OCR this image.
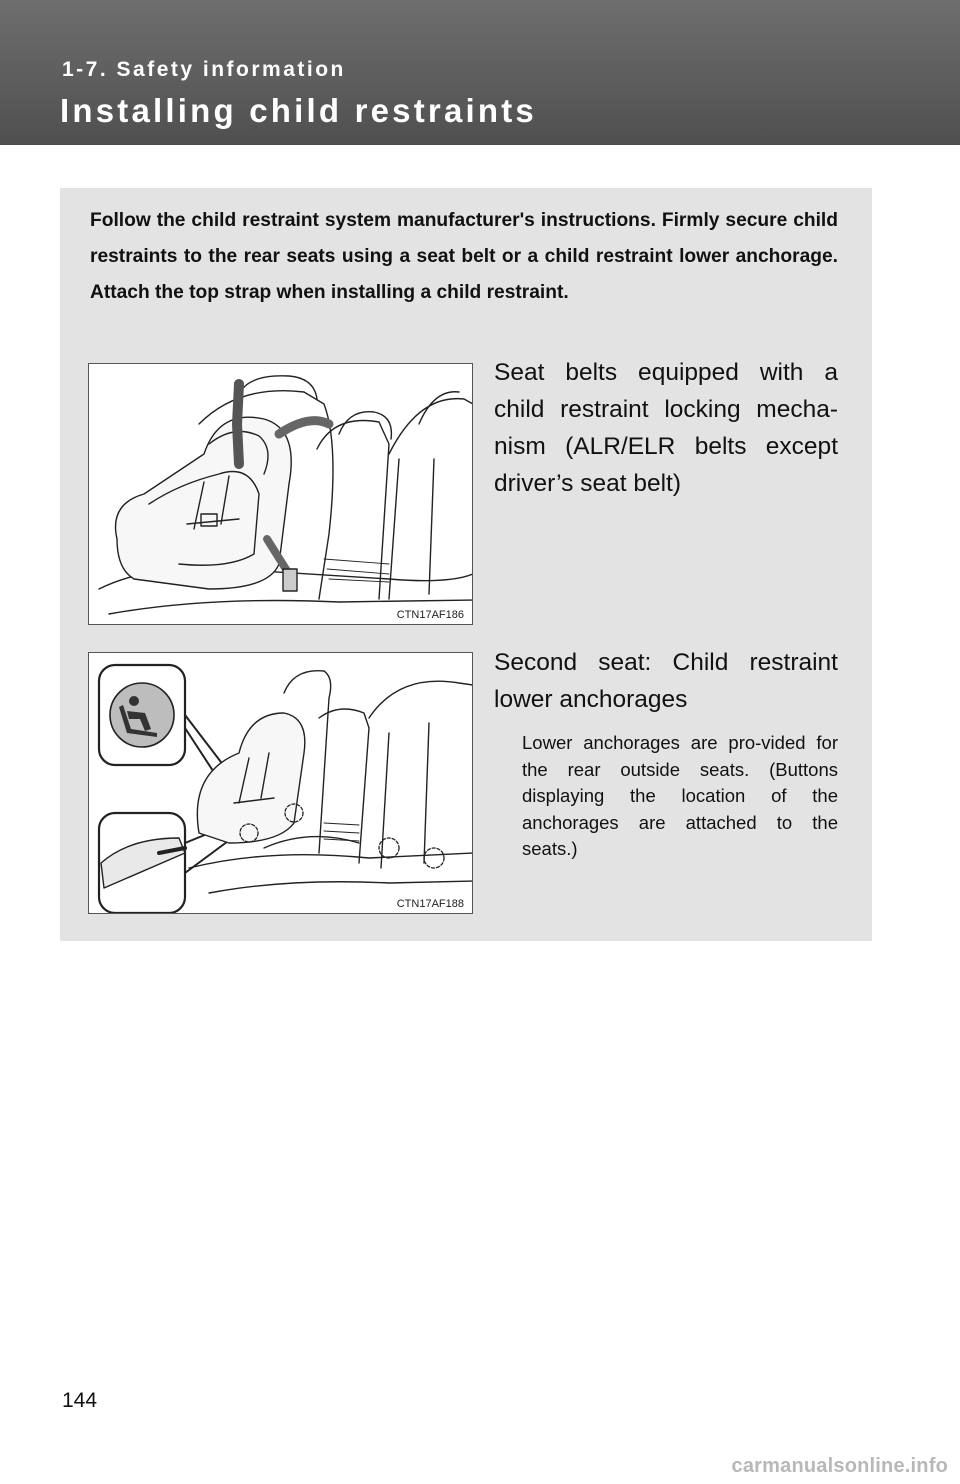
1-7. Safety information
Installing child restraints
Follow the child restraint system manufacturer's instructions. Firmly secure child restraints to the rear seats using a seat belt or a child restraint lower anchorage. Attach the top strap when installing a child restraint.
CTN17AF186
Seat belts equipped with a child restraint locking mecha-nism (ALR/ELR belts except driver’s seat belt)
CTN17AF188
Second seat: Child restraint lower anchorages
Lower anchorages are pro-vided for the rear outside seats. (Buttons displaying the location of the anchorages are attached to the seats.)
144
carmanualsonline.info
